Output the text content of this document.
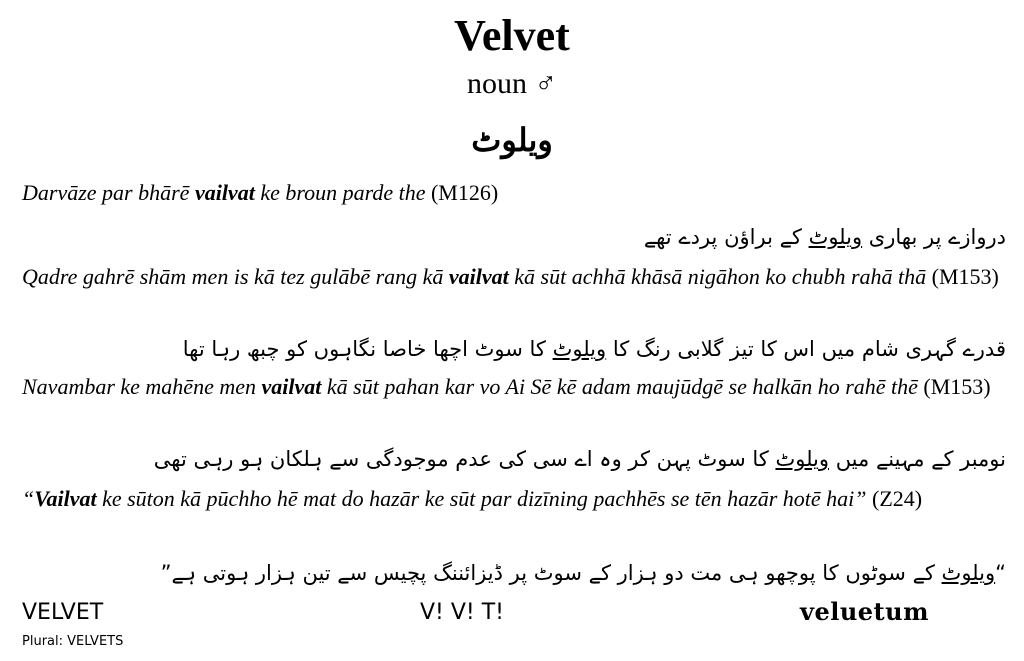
Velvet
noun ♂
ویلوٹ
Darvāze par bhārē vailvat ke broun parde the (M126)
دروازے پر بھاری ویلوٹ کے براؤن پردے تھے
Qadre gahrē shām men is kā tez gulābē rang kā vailvat kā sūt achhā khāsā nigāhon ko chubh rahā thā (M153)
قدرے گہری شام میں اس کا تیز گلابی رنگ کا ویلوٹ کا سوٹ اچھا خاصا نگاہوں کو چبھ رہا تھا
Navambar ke mahēne men vailvat kā sūt pahan kar vo Ai Sē kē adam maujūdgē se halkān ho rahē thē (M153)
نومبر کے مہینے میں ویلوٹ کا سوٹ پہن کر وہ اے سی کی عدم موجودگی سے ہلکان ہو رہی تھی
“Vailvat ke sūton kā pūchho hē mat do hazār ke sūt par dizīning pachhēs se tēn hazār hotē hai” (Z24)
“ویلوٹ کے سوٹوں کا پوچھو ہی مت دو ہزار کے سوٹ پر ڈیزائننگ پچیس سے تین ہزار ہوتی ہے”
VELVET
Plural: VELVETS
V! V! T!	veluetum
